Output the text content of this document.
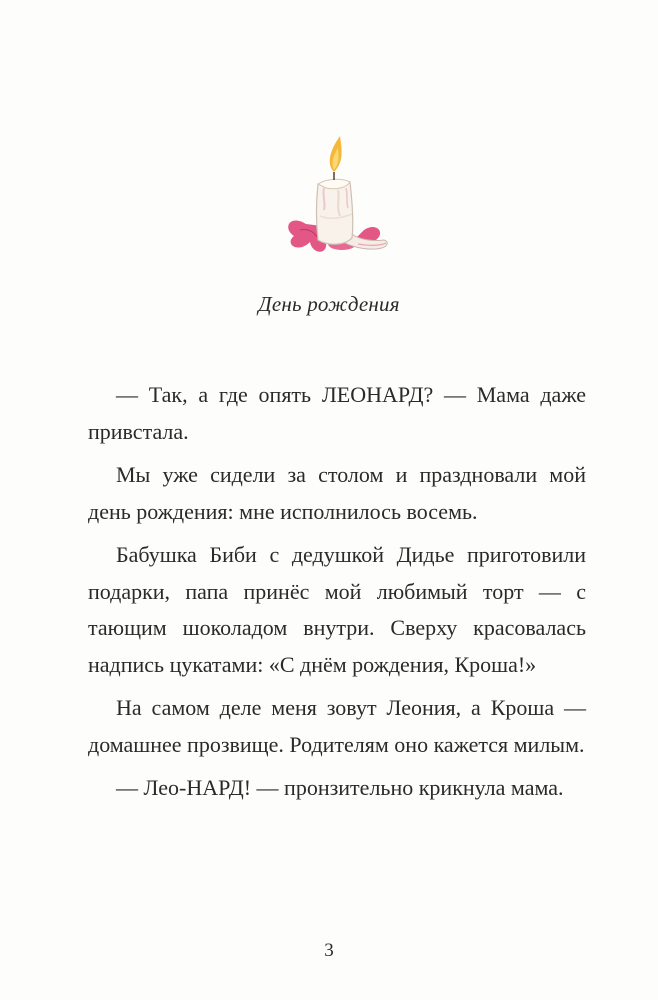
День рождения

— Так, а где опять ЛЕОНАРД? — Мама даже привстала.

Мы уже сидели за столом и праздновали мой день рождения: мне исполнилось восемь.

Бабушка Биби с дедушкой Дидье приготовили подарки, папа принёс мой любимый торт — с тающим шоколадом внутри. Сверху красовалась надпись цукатами: «С днём рождения, Кроша!»

На самом деле меня зовут Леония, а Кроша — домашнее прозвище. Родителям оно кажется милым.

— Лео-НАРД! — пронзительно крикнула мама.

3
